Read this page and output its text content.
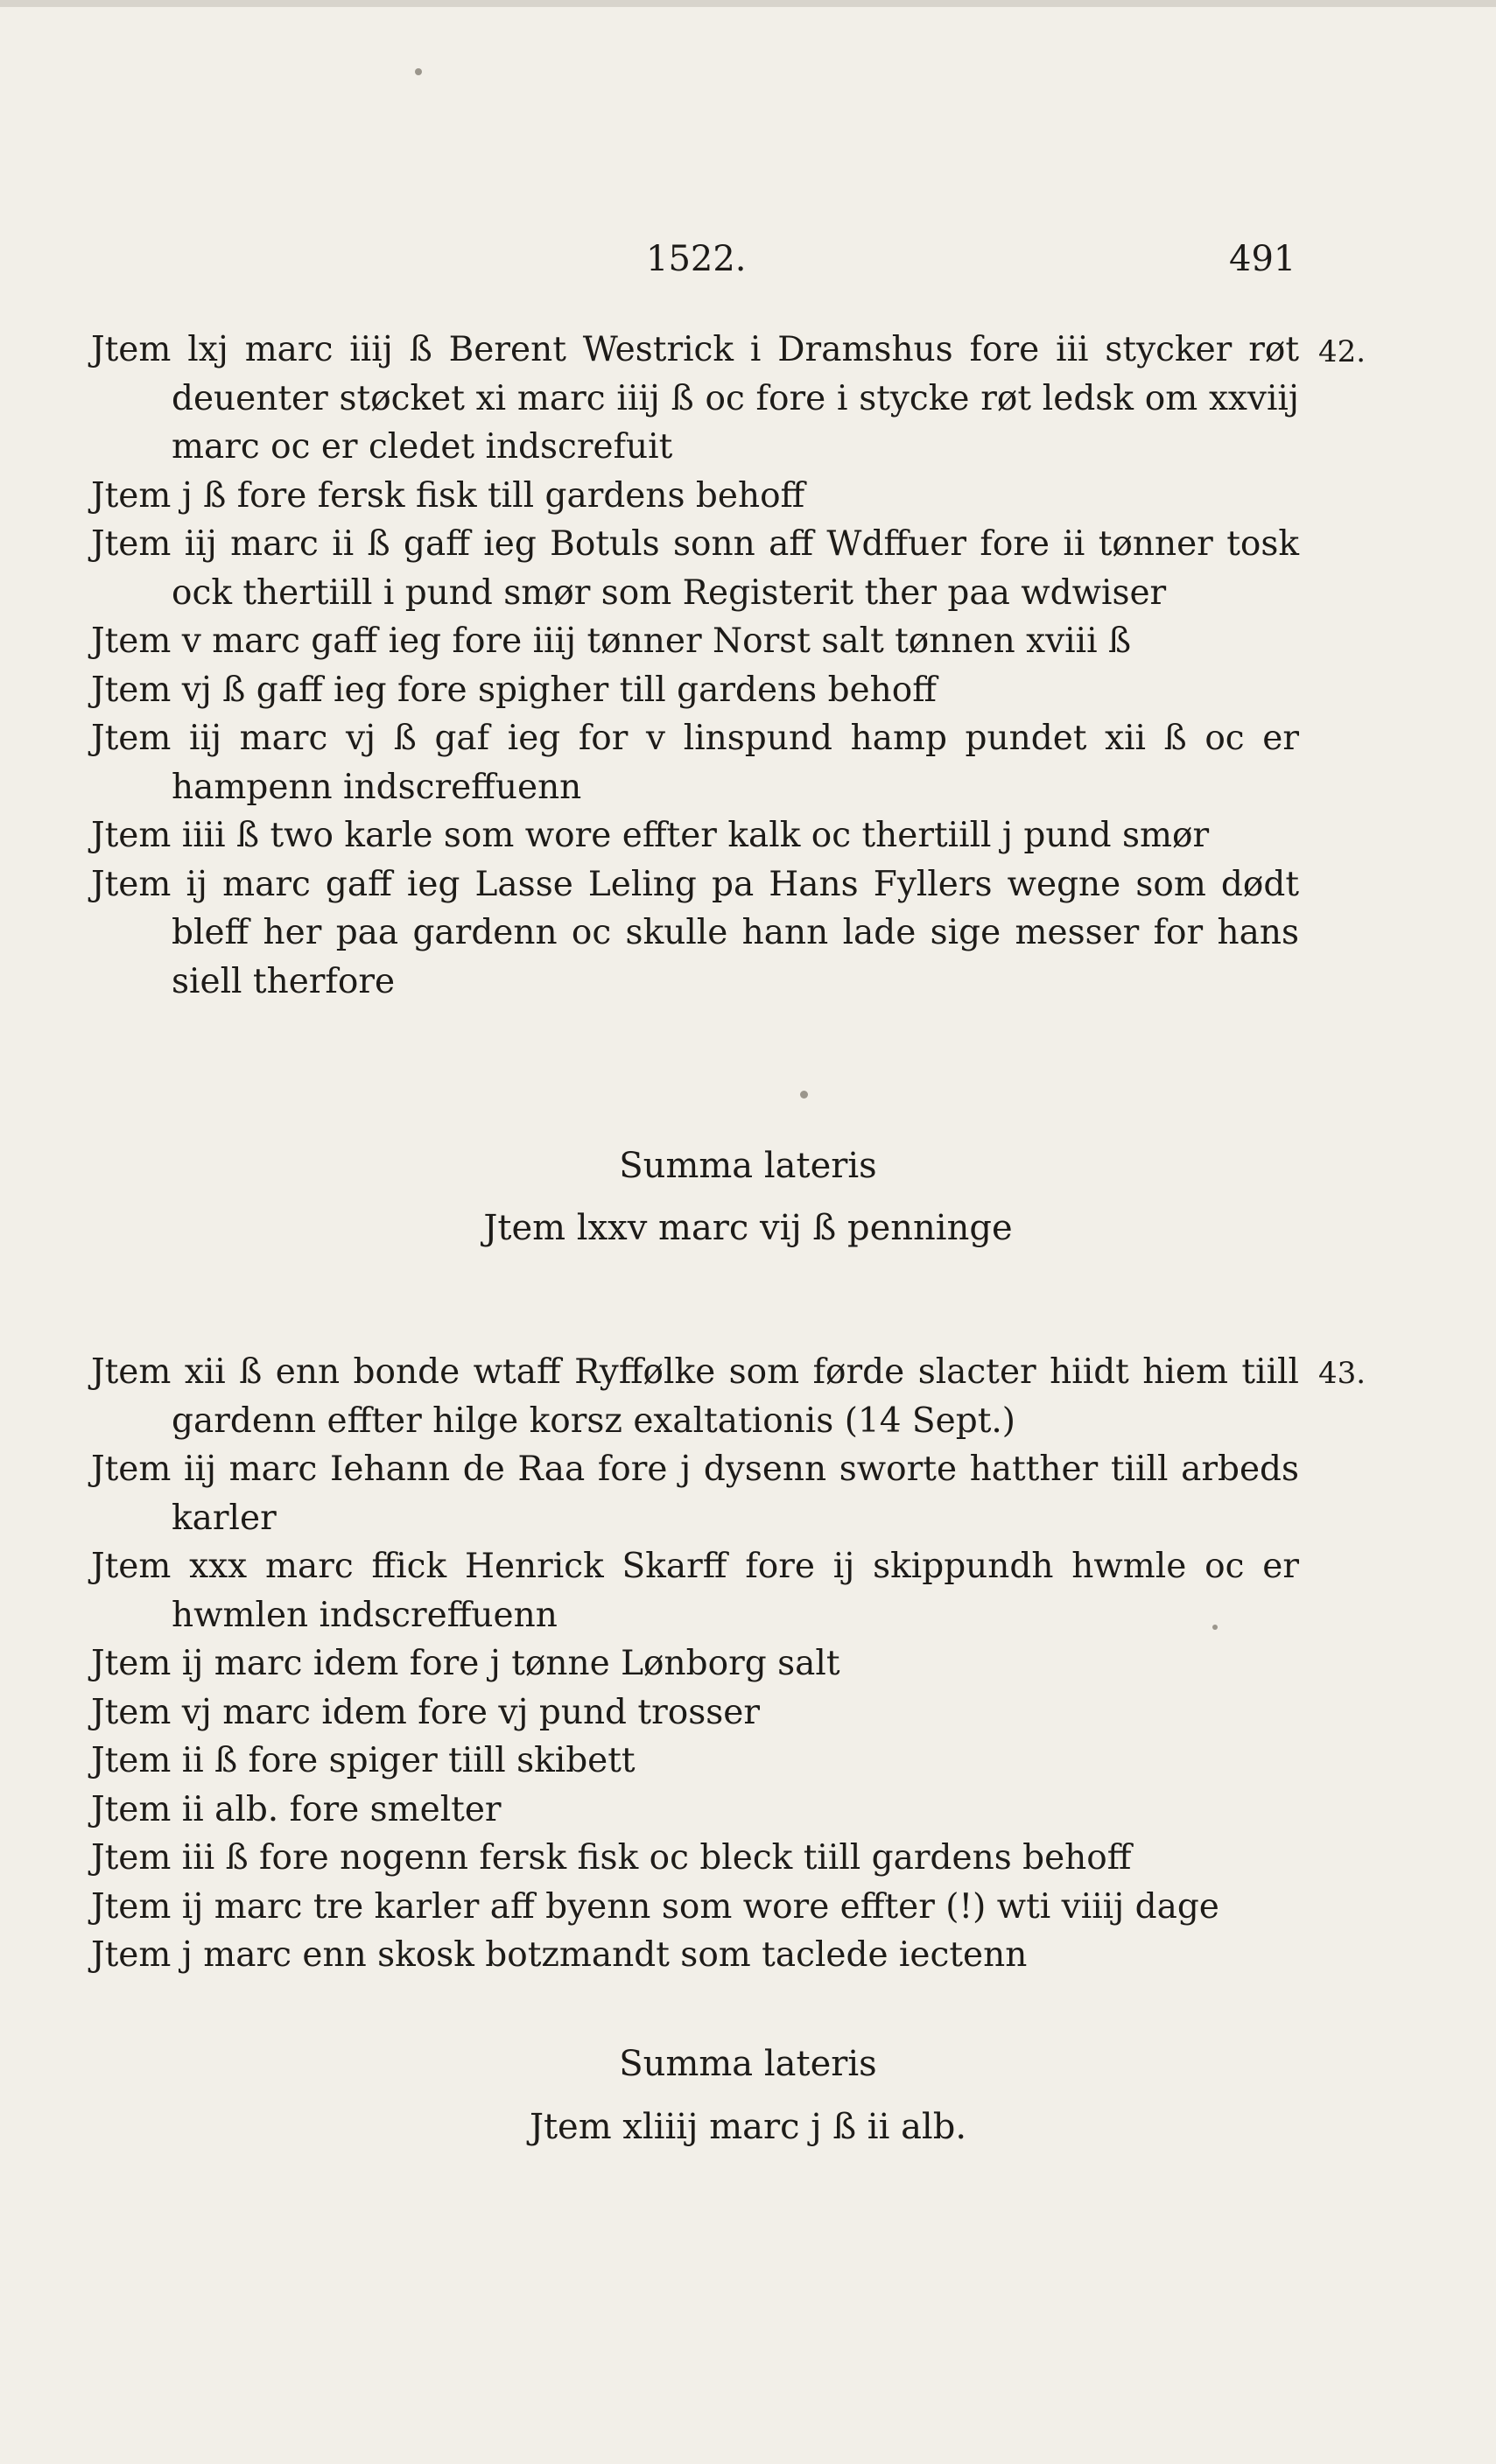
1522.	491
42.

Jtem lxj marc iiij ß Berent Westrick i Dramshus fore iii stycker røt deuenter støcket xi marc iiij ß oc fore i stycke røt ledsk om xxviij marc oc er cledet indscrefuit

Jtem j ß fore fersk fisk till gardens behoff

Jtem iij marc ii ß gaff ieg Botuls sonn aff Wdffuer fore ii tønner tosk ock thertiill i pund smør som Registerit ther paa wdwiser

Jtem v marc gaff ieg fore iiij tønner Norst salt tønnen xviii ß

Jtem vj ß gaff ieg fore spigher till gardens behoff

Jtem iij marc vj ß gaf ieg for v linspund hamp pundet xii ß oc er hampenn indscreffuenn

Jtem iiii ß two karle som wore effter kalk oc thertiill j pund smør

Jtem ij marc gaff ieg Lasse Leling pa Hans Fyllers wegne som dødt bleff her paa gardenn oc skulle hann lade sige messer for hans siell therfore

Summa lateris
Jtem lxxv marc vij ß penninge
43.

Jtem xii ß enn bonde wtaff Ryffølke som førde slacter hiidt hiem tiill gardenn effter hilge korsz exaltationis (14 Sept.)

Jtem iij marc Iehann de Raa fore j dysenn sworte hatther tiill arbeds karler

Jtem xxx marc ffick Henrick Skarff fore ij skippundh hwmle oc er hwmlen indscreffuenn

Jtem ij marc idem fore j tønne Lønborg salt

Jtem vj marc idem fore vj pund trosser

Jtem ii ß fore spiger tiill skibett

Jtem ii alb. fore smelter

Jtem iii ß fore nogenn fersk fisk oc bleck tiill gardens behoff

Jtem ij marc tre karler aff byenn som wore effter (!) wti viiij dage

Jtem j marc enn skosk botzmandt som taclede iectenn

Summa lateris
Jtem xliiij marc j ß ii alb.
